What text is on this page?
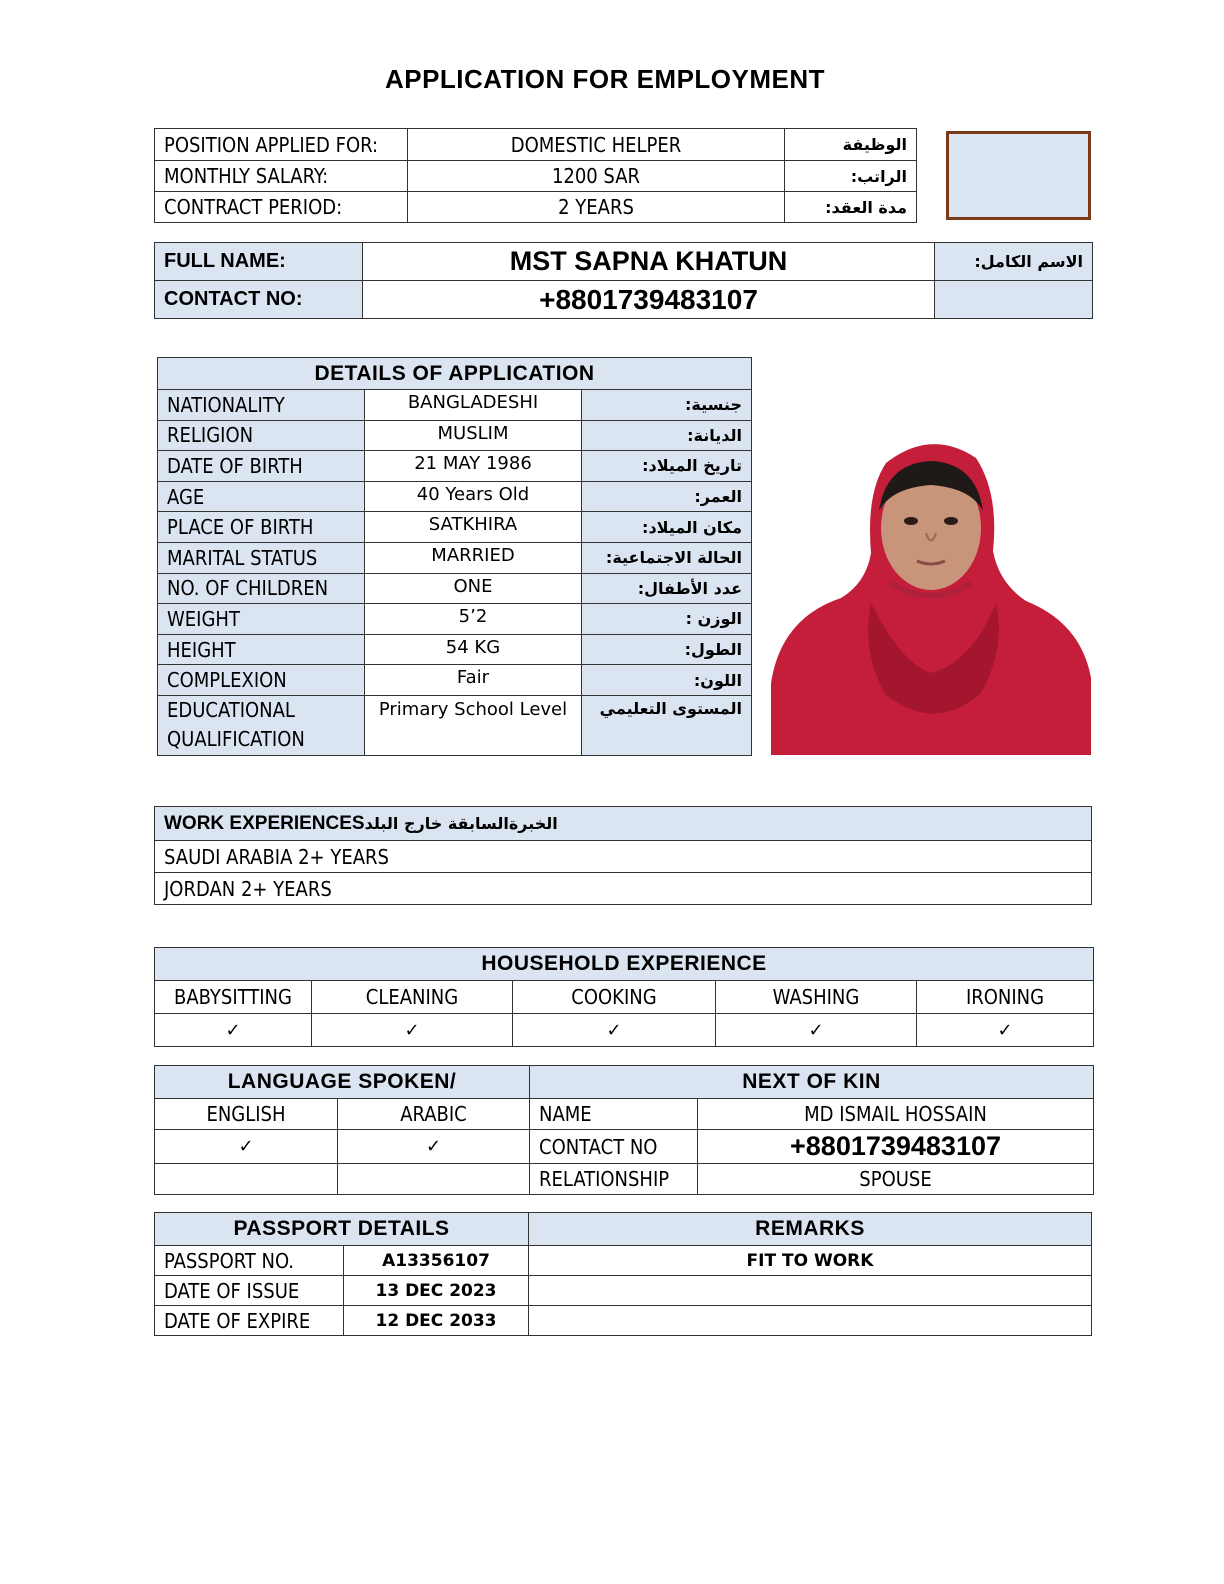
APPLICATION FOR EMPLOYMENT
POSITION APPLIED FOR:	DOMESTIC HELPER	الوظيفة
MONTHLY SALARY:	1200 SAR	الراتب:
CONTRACT PERIOD:	2 YEARS	مدة العقد:
FULL NAME:	MST SAPNA KHATUN	الاسم الكامل:
CONTACT NO:	+8801739483107	
DETAILS OF APPLICATION		
NATIONALITY	BANGLADESHI	جنسية:
RELIGION	MUSLIM	الديانة:
DATE OF BIRTH	21 MAY 1986	تاريخ الميلاد:
AGE	40 Years Old	العمر:
PLACE OF BIRTH	SATKHIRA	مكان الميلاد:
MARITAL STATUS	MARRIED	الحالة الاجتماعية:
NO. OF CHILDREN	ONE	عدد الأطفال:
WEIGHT	5’2	الوزن :
HEIGHT	54 KG	الطول:
COMPLEXION	Fair	اللون:
EDUCATIONAL
QUALIFICATION	Primary School Level	المستوى التعليمي
WORK EXPERIENCESالخبرةالسابقة خارج البلد
SAUDI ARABIA 2+ YEARS
JORDAN 2+ YEARS
HOUSEHOLD EXPERIENCE				
BABYSITTING	CLEANING	COOKING	WASHING	IRONING
✓	✓	✓	✓	✓
LANGUAGE SPOKEN/	
ENGLISH	ARABIC
✓	✓

NEXT OF KIN	
NAME	MD ISMAIL HOSSAIN
CONTACT NO	+8801739483107
RELATIONSHIP	SPOUSE
PASSPORT DETAILS	
PASSPORT NO.	A13356107
DATE OF ISSUE	13 DEC 2023
DATE OF EXPIRE	12 DEC 2033
REMARKS
FIT TO WORK
